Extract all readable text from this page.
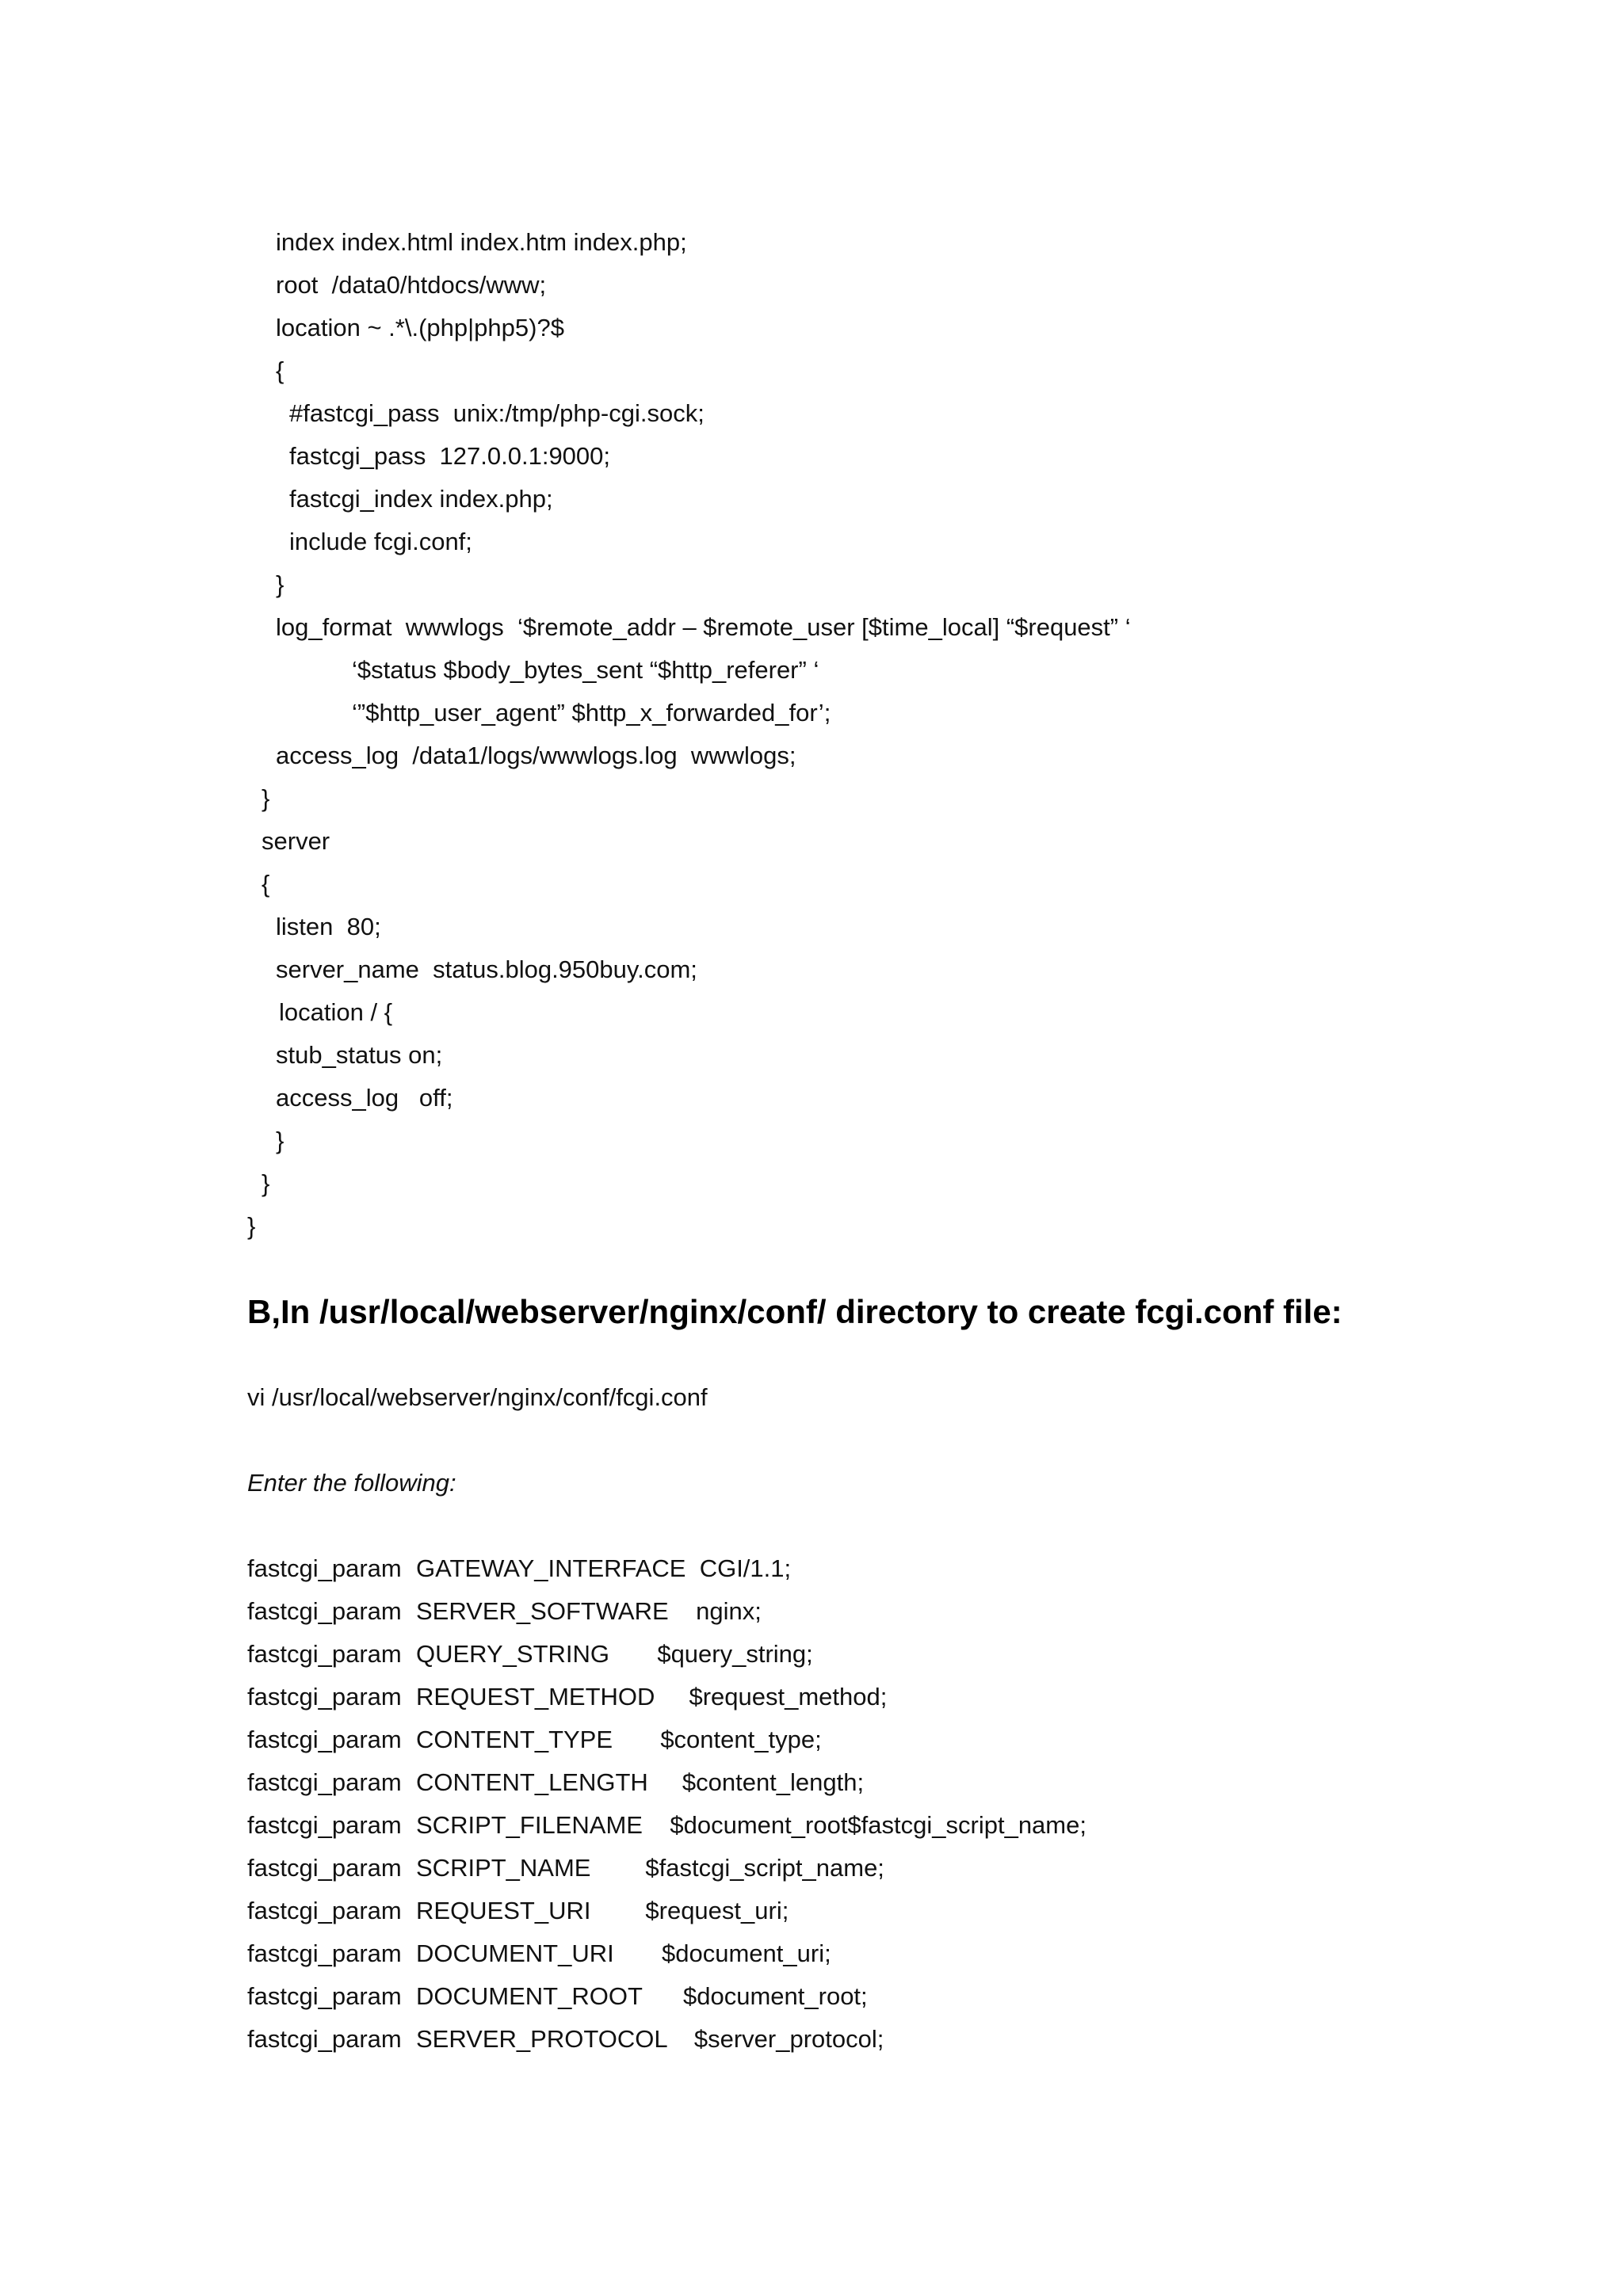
index index.html index.htm index.php;
root  /data0/htdocs/www;
location ~ .*\.(php|php5)?$
{
#fastcgi_pass  unix:/tmp/php-cgi.sock;
fastcgi_pass  127.0.0.1:9000;
fastcgi_index index.php;
include fcgi.conf;
}
log_format  wwwlogs  ‘$remote_addr – $remote_user [$time_local] “$request” ‘
‘$status $body_bytes_sent “$http_referer” ‘
‘”$http_user_agent” $http_x_forwarded_for’;
access_log  /data1/logs/wwwlogs.log  wwwlogs;
}
server
{
listen  80;
server_name  status.blog.950buy.com;
location / {
stub_status on;
access_log   off;
}
}
}
B,In /usr/local/webserver/nginx/conf/ directory to create fcgi.conf file:
vi /usr/local/webserver/nginx/conf/fcgi.conf
Enter the following:

fastcgi_param

GATEWAY_INTERFACE  CGI/1.1;

fastcgi_param

SERVER_SOFTWARE    nginx;

fastcgi_param

QUERY_STRING       $query_string;

fastcgi_param

REQUEST_METHOD     $request_method;

fastcgi_param

CONTENT_TYPE       $content_type;

fastcgi_param

CONTENT_LENGTH     $content_length;

fastcgi_param

SCRIPT_FILENAME    $document_root$fastcgi_script_name;

fastcgi_param

SCRIPT_NAME        $fastcgi_script_name;

fastcgi_param

REQUEST_URI        $request_uri;

fastcgi_param

DOCUMENT_URI       $document_uri;

fastcgi_param

DOCUMENT_ROOT      $document_root;

fastcgi_param

SERVER_PROTOCOL    $server_protocol;
